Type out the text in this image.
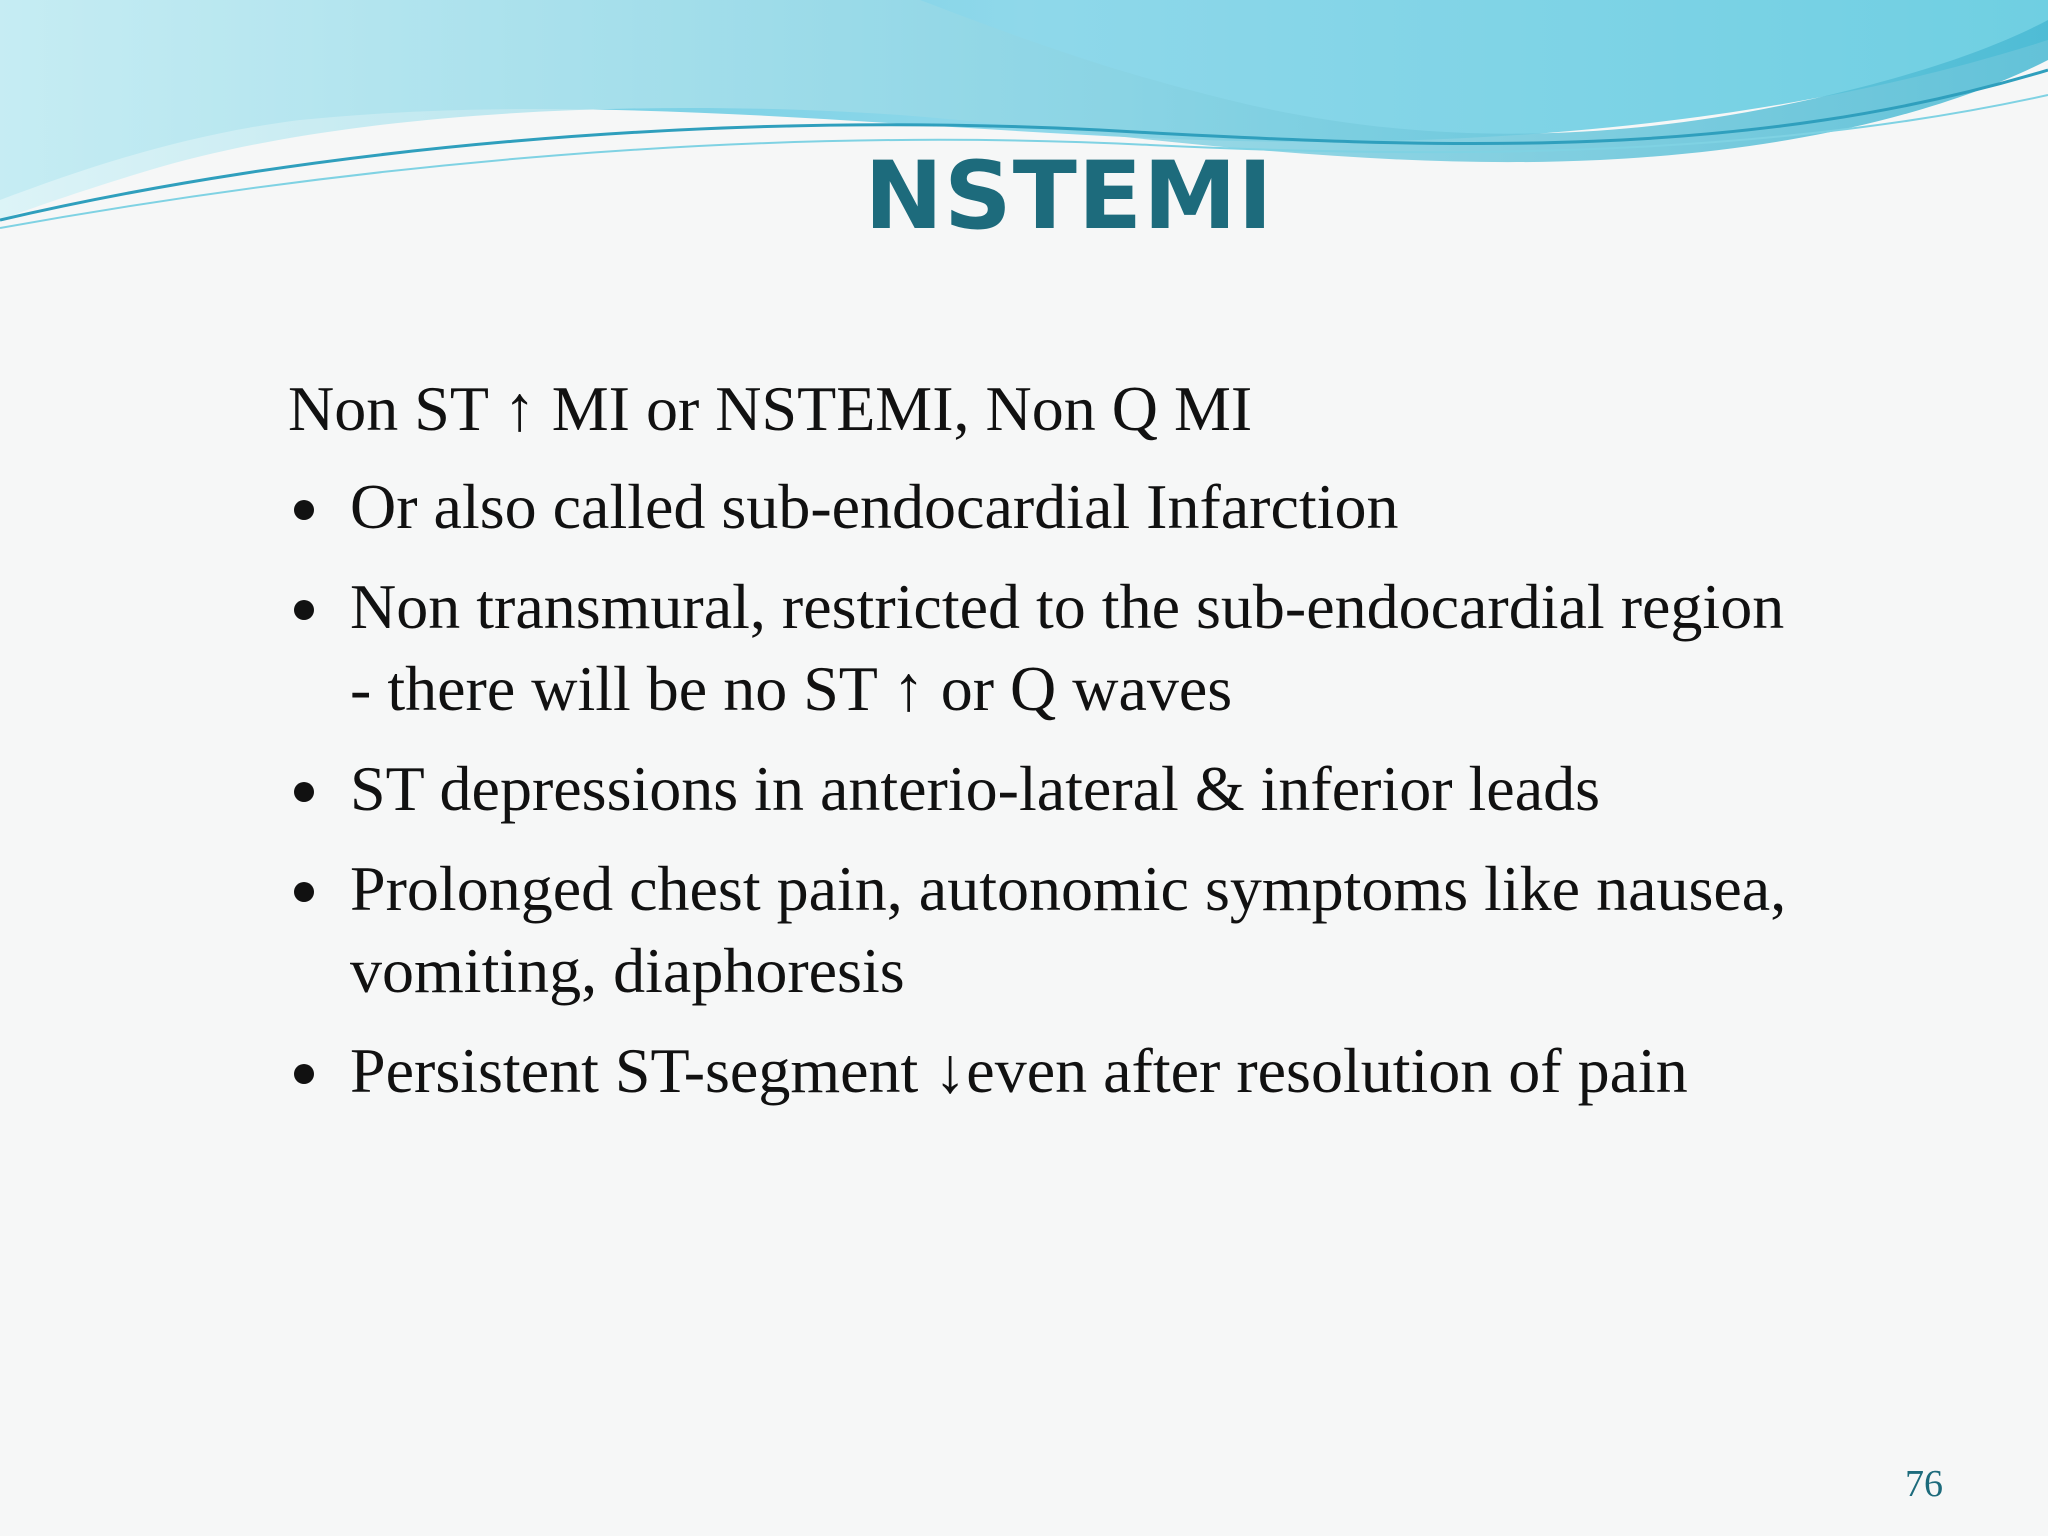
NSTEMI

Non ST ↑ MI or NSTEMI, Non Q MI

Or also called sub-endocardial Infarction
Non transmural, restricted to the sub-endocardial region - there will be no ST ↑ or Q waves
ST depressions in anterio-lateral & inferior leads
Prolonged chest pain, autonomic symptoms like nausea, vomiting, diaphoresis
Persistent ST-segment ↓even after resolution of pain
76
